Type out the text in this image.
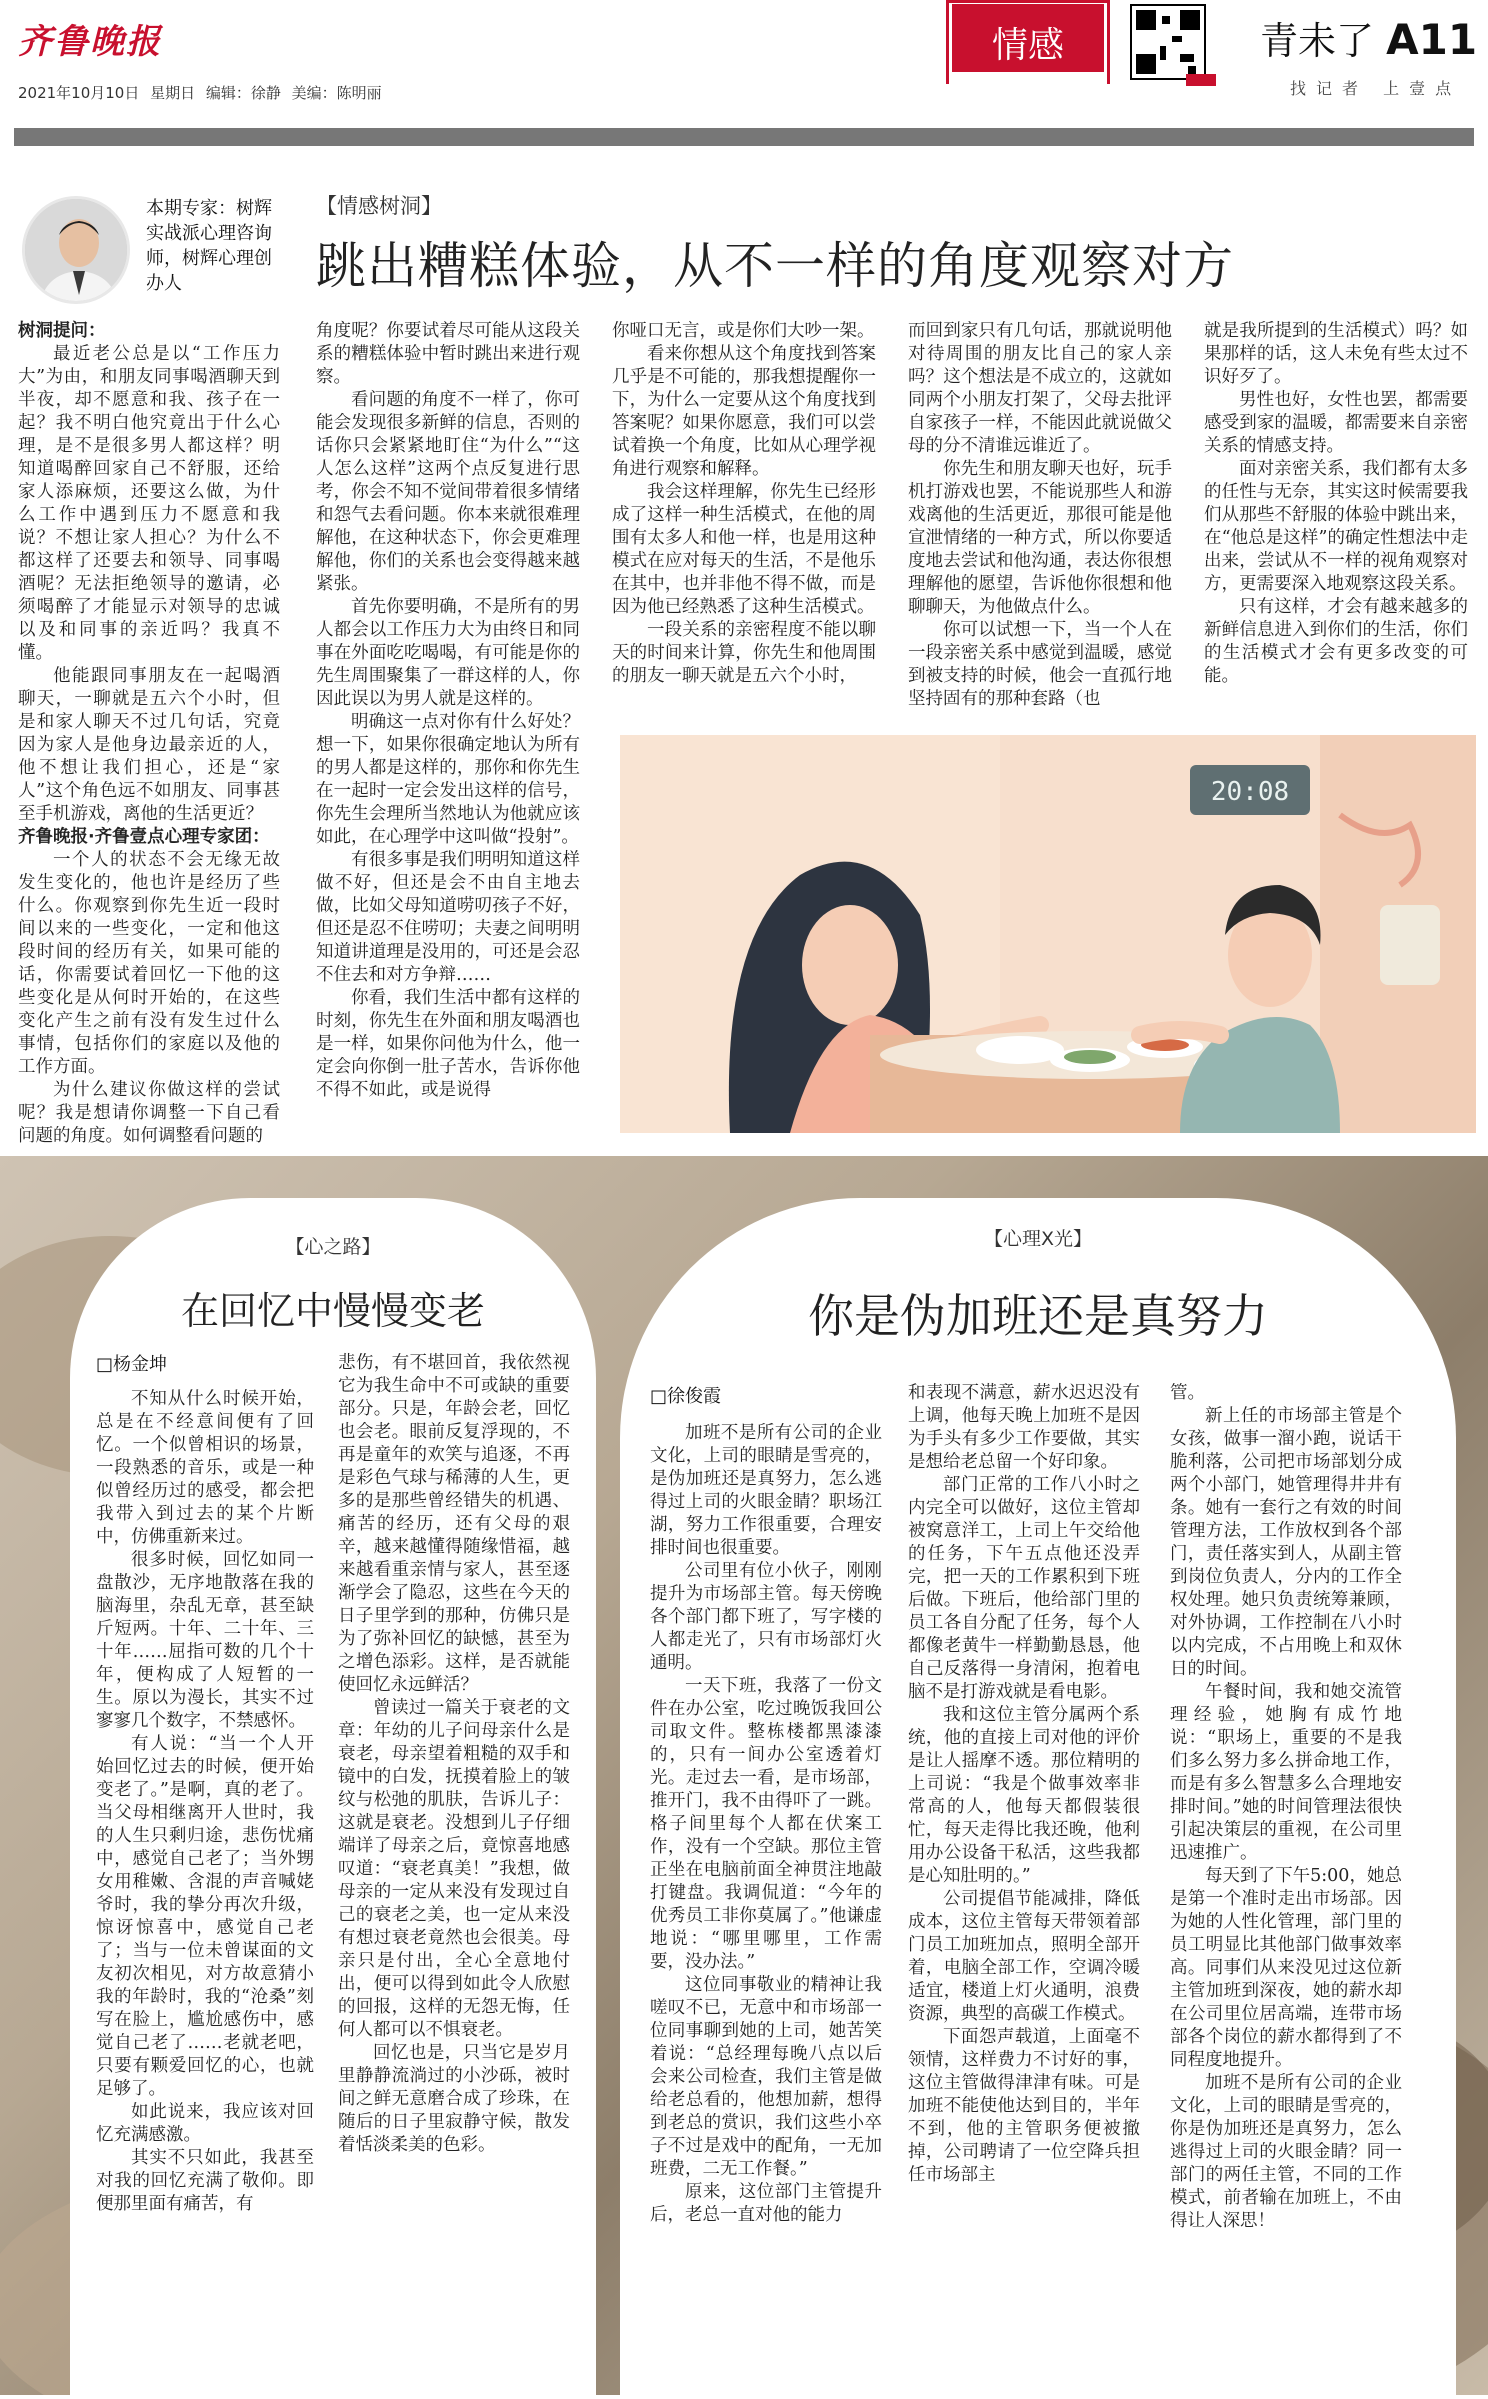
齐鲁晚报
2021年10月10日 星期日 编辑：徐静 美编：陈明丽
情感	青未了 A11
找记者 上壹点
本期专家：树辉
实战派心理咨询师，树辉心理创办人
【情感树洞】
跳出糟糕体验，从不一样的角度观察对方

树洞提问：

最近老公总是以“工作压力大”为由，和朋友同事喝酒聊天到半夜，却不愿意和我、孩子在一起？我不明白他究竟出于什么心理，是不是很多男人都这样？明知道喝醉回家自己不舒服，还给家人添麻烦，还要这么做，为什么工作中遇到压力不愿意和我说？不想让家人担心？为什么不都这样了还要去和领导、同事喝酒呢？无法拒绝领导的邀请，必须喝醉了才能显示对领导的忠诚以及和同事的亲近吗？我真不懂。

他能跟同事朋友在一起喝酒聊天，一聊就是五六个小时，但是和家人聊天不过几句话，究竟因为家人是他身边最亲近的人，他不想让我们担心，还是“家人”这个角色远不如朋友、同事甚至手机游戏，离他的生活更近？

齐鲁晚报·齐鲁壹点心理专家团：

一个人的状态不会无缘无故发生变化的，他也许是经历了些什么。你观察到你先生近一段时间以来的一些变化，一定和他这段时间的经历有关，如果可能的话，你需要试着回忆一下他的这些变化是从何时开始的，在这些变化产生之前有没有发生过什么事情，包括你们的家庭以及他的工作方面。

为什么建议你做这样的尝试呢？我是想请你调整一下自己看问题的角度。如何调整看问题的

角度呢？你要试着尽可能从这段关系的糟糕体验中暂时跳出来进行观察。

看问题的角度不一样了，你可能会发现很多新鲜的信息，否则的话你只会紧紧地盯住“为什么”“这人怎么这样”这两个点反复进行思考，你会不知不觉间带着很多情绪和怨气去看问题。你本来就很难理解他，在这种状态下，你会更难理解他，你们的关系也会变得越来越紧张。

首先你要明确，不是所有的男人都会以工作压力大为由终日和同事在外面吃吃喝喝，有可能是你的先生周围聚集了一群这样的人，你因此误以为男人就是这样的。

明确这一点对你有什么好处？想一下，如果你很确定地认为所有的男人都是这样的，那你和你先生在一起时一定会发出这样的信号，你先生会理所当然地认为他就应该如此，在心理学中这叫做“投射”。

有很多事是我们明明知道这样做不好，但还是会不由自主地去做，比如父母知道唠叨孩子不好，但还是忍不住唠叨；夫妻之间明明知道讲道理是没用的，可还是会忍不住去和对方争辩……

你看，我们生活中都有这样的时刻，你先生在外面和朋友喝酒也是一样，如果你问他为什么，他一定会向你倒一肚子苦水，告诉你他不得不如此，或是说得

你哑口无言，或是你们大吵一架。

看来你想从这个角度找到答案几乎是不可能的，那我想提醒你一下，为什么一定要从这个角度找到答案呢？如果你愿意，我们可以尝试着换一个角度，比如从心理学视角进行观察和解释。

我会这样理解，你先生已经形成了这样一种生活模式，在他的周围有太多人和他一样，也是用这种模式在应对每天的生活，不是他乐在其中，也并非他不得不做，而是因为他已经熟悉了这种生活模式。

一段关系的亲密程度不能以聊天的时间来计算，你先生和他周围的朋友一聊天就是五六个小时，

而回到家只有几句话，那就说明他对待周围的朋友比自己的家人亲吗？这个想法是不成立的，这就如同两个小朋友打架了，父母去批评自家孩子一样，不能因此就说做父母的分不清谁远谁近了。

你先生和朋友聊天也好，玩手机打游戏也罢，不能说那些人和游戏离他的生活更近，那很可能是他宣泄情绪的一种方式，所以你要适度地去尝试和他沟通，表达你很想理解他的愿望，告诉他你很想和他聊聊天，为他做点什么。

你可以试想一下，当一个人在一段亲密关系中感觉到温暖，感觉到被支持的时候，他会一直孤行地坚持固有的那种套路（也

就是我所提到的生活模式）吗？如果那样的话，这人未免有些太过不识好歹了。

男性也好，女性也罢，都需要感受到家的温暖，都需要来自亲密关系的情感支持。

面对亲密关系，我们都有太多的任性与无奈，其实这时候需要我们从那些不舒服的体验中跳出来，在“他总是这样”的确定性想法中走出来，尝试从不一样的视角观察对方，更需要深入地观察这段关系。

只有这样，才会有越来越多的新鲜信息进入到你们的生活，你们的生活模式才会有更多改变的可能。

20:08
【心之路】
在回忆中慢慢变老
□杨金坤

不知从什么时候开始，总是在不经意间便有了回忆。一个似曾相识的场景，一段熟悉的音乐，或是一种似曾经历过的感受，都会把我带入到过去的某个片断中，仿佛重新来过。

很多时候，回忆如同一盘散沙，无序地散落在我的脑海里，杂乱无章，甚至缺斤短两。十年、二十年、三十年……屈指可数的几个十年，便构成了人短暂的一生。原以为漫长，其实不过寥寥几个数字，不禁感怀。

有人说：“当一个人开始回忆过去的时候，便开始变老了。”是啊，真的老了。当父母相继离开人世时，我的人生只剩归途，悲伤忧痛中，感觉自己老了；当外甥女用稚嫩、含混的声音喊姥爷时，我的挚分再次升级，惊讶惊喜中，感觉自己老了；当与一位未曾谋面的文友初次相见，对方故意猜小我的年龄时，我的“沧桑”刻写在脸上，尴尬感伤中，感觉自己老了……老就老吧，只要有颗爱回忆的心，也就足够了。

如此说来，我应该对回忆充满感激。

其实不只如此，我甚至对我的回忆充满了敬仰。即便那里面有痛苦，有

悲伤，有不堪回首，我依然视它为我生命中不可或缺的重要部分。只是，年龄会老，回忆也会老。眼前反复浮现的，不再是童年的欢笑与追逐，不再是彩色气球与稀薄的人生，更多的是那些曾经错失的机遇、痛苦的经历，还有父母的艰辛，越来越懂得随缘惜福，越来越看重亲情与家人，甚至逐渐学会了隐忍，这些在今天的日子里学到的那种，仿佛只是为了弥补回忆的缺憾，甚至为之增色添彩。这样，是否就能使回忆永远鲜活？

曾读过一篇关于衰老的文章：年幼的儿子问母亲什么是衰老，母亲望着粗糙的双手和镜中的白发，抚摸着脸上的皱纹与松弛的肌肤，告诉儿子：这就是衰老。没想到儿子仔细端详了母亲之后，竟惊喜地感叹道：“衰老真美！”我想，做母亲的一定从来没有发现过自己的衰老之美，也一定从来没有想过衰老竟然也会很美。母亲只是付出，全心全意地付出，便可以得到如此令人欣慰的回报，这样的无怨无悔，任何人都可以不惧衰老。

回忆也是，只当它是岁月里静静流淌过的小沙砾，被时间之鲜无意磨合成了珍珠，在随后的日子里寂静守候，散发着恬淡柔美的色彩。

【心理X光】
你是伪加班还是真努力
□徐俊霞

加班不是所有公司的企业文化，上司的眼睛是雪亮的，是伪加班还是真努力，怎么逃得过上司的火眼金睛？职场江湖，努力工作很重要，合理安排时间也很重要。

公司里有位小伙子，刚刚提升为市场部主管。每天傍晚各个部门都下班了，写字楼的人都走光了，只有市场部灯火通明。

一天下班，我落了一份文件在办公室，吃过晚饭我回公司取文件。整栋楼都黑漆漆的，只有一间办公室透着灯光。走过去一看，是市场部，推开门，我不由得吓了一跳。格子间里每个人都在伏案工作，没有一个空缺。那位主管正坐在电脑前面全神贯注地敲打键盘。我调侃道：“今年的优秀员工非你莫属了。”他谦虚地说：“哪里哪里，工作需要，没办法。”

这位同事敬业的精神让我嗟叹不已，无意中和市场部一位同事聊到她的上司，她苦笑着说：“总经理每晚八点以后会来公司检查，我们主管是做给老总看的，他想加薪，想得到老总的赏识，我们这些小卒子不过是戏中的配角，一无加班费，二无工作餐。”

原来，这位部门主管提升后，老总一直对他的能力

和表现不满意，薪水迟迟没有上调，他每天晚上加班不是因为手头有多少工作要做，其实是想给老总留一个好印象。

部门正常的工作八小时之内完全可以做好，这位主管却被窝意洋工，上司上午交给他的任务，下午五点他还没弄完，把一天的工作累积到下班后做。下班后，他给部门里的员工各自分配了任务，每个人都像老黄牛一样勤勤恳恳，他自己反落得一身清闲，抱着电脑不是打游戏就是看电影。

我和这位主管分属两个系统，他的直接上司对他的评价是让人摇摩不透。那位精明的上司说：“我是个做事效率非常高的人，他每天都假装很忙，每天走得比我还晚，他利用办公设备干私活，这些我都是心知肚明的。”

公司提倡节能减排，降低成本，这位主管每天带领着部门员工加班加点，照明全部开着，电脑全部工作，空调冷暖适宜，楼道上灯火通明，浪费资源，典型的高碳工作模式。

下面怨声载道，上面毫不领情，这样费力不讨好的事，这位主管做得津津有味。可是加班不能使他达到目的，半年不到，他的主管职务便被撤掉，公司聘请了一位空降兵担任市场部主

管。

新上任的市场部主管是个女孩，做事一溜小跑，说话干脆利落，公司把市场部划分成两个小部门，她管理得井井有条。她有一套行之有效的时间管理方法，工作放权到各个部门，责任落实到人，从副主管到岗位负责人，分内的工作全权处理。她只负责统筹兼顾，对外协调，工作控制在八小时以内完成，不占用晚上和双休日的时间。

午餐时间，我和她交流管理经验，她胸有成竹地说：“职场上，重要的不是我们多么努力多么拼命地工作，而是有多么智慧多么合理地安排时间。”她的时间管理法很快引起决策层的重视，在公司里迅速推广。

每天到了下午5:00，她总是第一个准时走出市场部。因为她的人性化管理，部门里的员工明显比其他部门做事效率高。同事们从来没见过这位新主管加班到深夜，她的薪水却在公司里位居高端，连带市场部各个岗位的薪水都得到了不同程度地提升。

加班不是所有公司的企业文化，上司的眼睛是雪亮的，你是伪加班还是真努力，怎么逃得过上司的火眼金睛？同一部门的两任主管，不同的工作模式，前者输在加班上，不由得让人深思！
